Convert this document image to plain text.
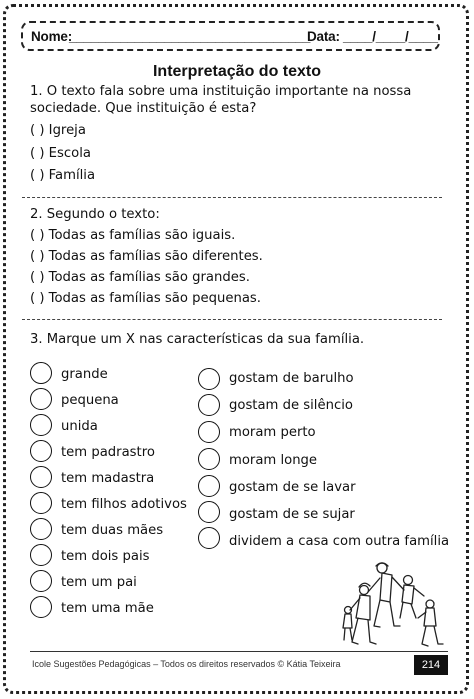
Nome:
_________________________________
Data: ____/____/____
Interpretação do texto
1. O texto fala sobre uma instituição importante na nossa
sociedade. Que instituição é esta?
( ) Igreja
( ) Escola
( ) Família
2. Segundo o texto:
( ) Todas as famílias são iguais.
( ) Todas as famílias são diferentes.
( ) Todas as famílias são grandes.
( ) Todas as famílias são pequenas.
3. Marque um X nas características da sua família.
grande
pequena
unida
tem padrastro
tem madastra
tem filhos adotivos
tem duas mães
tem dois pais
tem um pai
tem uma mãe
gostam de barulho
gostam de silêncio
moram perto
moram longe
gostam de se lavar
gostam de se sujar
dividem a casa com outra família
Icole Sugestões Pedagógicas – Todos os direitos reservados © Kátia Teixeira	214
